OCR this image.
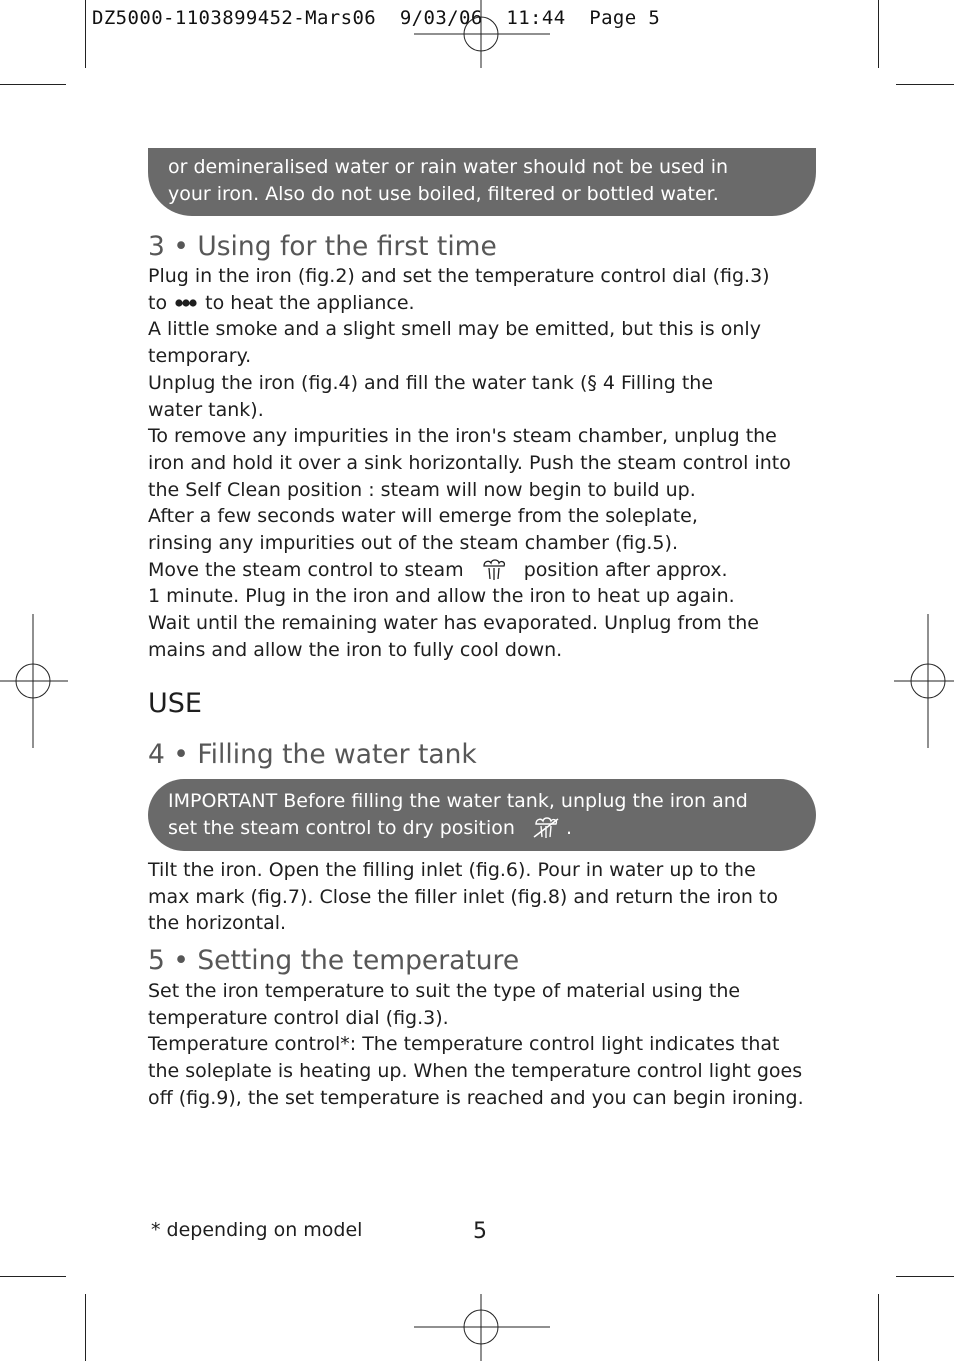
DZ5000-1103899452-Mars06  9/03/06  11:44  Page 5
or demineralised water or rain water should not be used in
your iron. Also do not use boiled, filtered or bottled water.
3 • Using for the first time
Plug in the iron (fig.2) and set the temperature control dial (fig.3)
to to heat the appliance.
A little smoke and a slight smell may be emitted, but this is only
temporary.
Unplug the iron (fig.4) and fill the water tank (§ 4 Filling the
water tank).
To remove any impurities in the iron's steam chamber, unplug the
iron and hold it over a sink horizontally. Push the steam control into
the Self Clean position : steam will now begin to build up.
After a few seconds water will emerge from the soleplate,
rinsing any impurities out of the steam chamber (fig.5).
Move the steam control to steam	position after approx.
1 minute. Plug in the iron and allow the iron to heat up again.
Wait until the remaining water has evaporated. Unplug from the
mains and allow the iron to fully cool down.
USE
4 • Filling the water tank
IMPORTANT Before filling the water tank, unplug the iron and
set the steam control to dry position	.
Tilt the iron. Open the filling inlet (fig.6). Pour in water up to the
max mark (fig.7). Close the filler inlet (fig.8) and return the iron to
the horizontal.
5 • Setting the temperature
Set the iron temperature to suit the type of material using the
temperature control dial (fig.3).
Temperature control*: The temperature control light indicates that
the soleplate is heating up. When the temperature control light goes
off (fig.9), the set temperature is reached and you can begin ironing.
* depending on model	5
